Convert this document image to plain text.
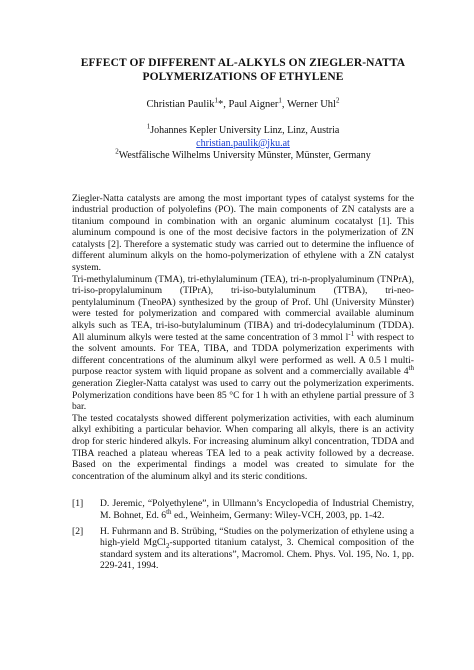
EFFECT OF DIFFERENT AL-ALKYLS ON ZIEGLER-NATTA
POLYMERIZATIONS OF ETHYLENE
Christian Paulik$^1$*, Paul Aigner$^1$, Werner Uhl$^2$
$^1$Johannes Kepler University Linz, Linz, Austria
christian.paulik@jku.at
$^2$Westfälische Wilhelms University Münster, Münster, Germany

Ziegler-Natta catalysts are among the most important types of catalyst systems for the industrial production of polyolefins (PO). The main components of ZN catalysts are a titanium compound in combination with an organic aluminum cocatalyst [1]. This aluminum compound is one of the most decisive factors in the polymerization of ZN catalysts [2]. Therefore a systematic study was carried out to determine the influence of different aluminum alkyls on the homo-polymerization of ethylene with a ZN catalyst system.

Tri-methylaluminum (TMA), tri-ethylaluminum (TEA), tri-n-proplyaluminum (TNPrA), tri-iso-propylaluminum (TIPrA), tri-iso-butylaluminum (TTBA), tri-neo-pentylaluminum (TneoPA) synthesized by the group of Prof. Uhl (University Münster) were tested for polymerization and compared with commercial available aluminum alkyls such as TEA, tri-iso-butylaluminum (TIBA) and tri-dodecylaluminum (TDDA). All aluminum alkyls were tested at the same concentration of 3 mmol $l^{-1}$ with respect to the solvent amounts. For TEA, TIBA, and TDDA polymerization experiments with different concentrations of the aluminum alkyl were performed as well. A 0.5 l multi-purpose reactor system with liquid propane as solvent and a commercially available 4th generation Ziegler-Natta catalyst was used to carry out the polymerization experiments. Polymerization conditions have been 85 °C for 1 h with an ethylene partial pressure of 3 bar.

The tested cocatalysts showed different polymerization activities, with each aluminum alkyl exhibiting a particular behavior. When comparing all alkyls, there is an activity drop for steric hindered alkyls. For increasing aluminum alkyl concentration, TDDA and TIBA reached a plateau whereas TEA led to a peak activity followed by a decrease. Based on the experimental findings a model was created to simulate for the concentration of the aluminum alkyl and its steric conditions.

[1]	D. Jeremic, “Polyethylene”, in Ullmann’s Encyclopedia of Industrial Chemistry, M. Bohnet, Ed. 6th ed., Weinheim, Germany: Wiley-VCH, 2003, pp. 1-42.
[2]	H. Fuhrmann and B. Strübing, “Studies on the polymerization of ethylene using a high-yield MgCl$_2$-supported titanium catalyst, 3. Chemical composition of the standard system and its alterations”, Macromol. Chem. Phys. Vol. 195, No. 1, pp. 229-241, 1994.
